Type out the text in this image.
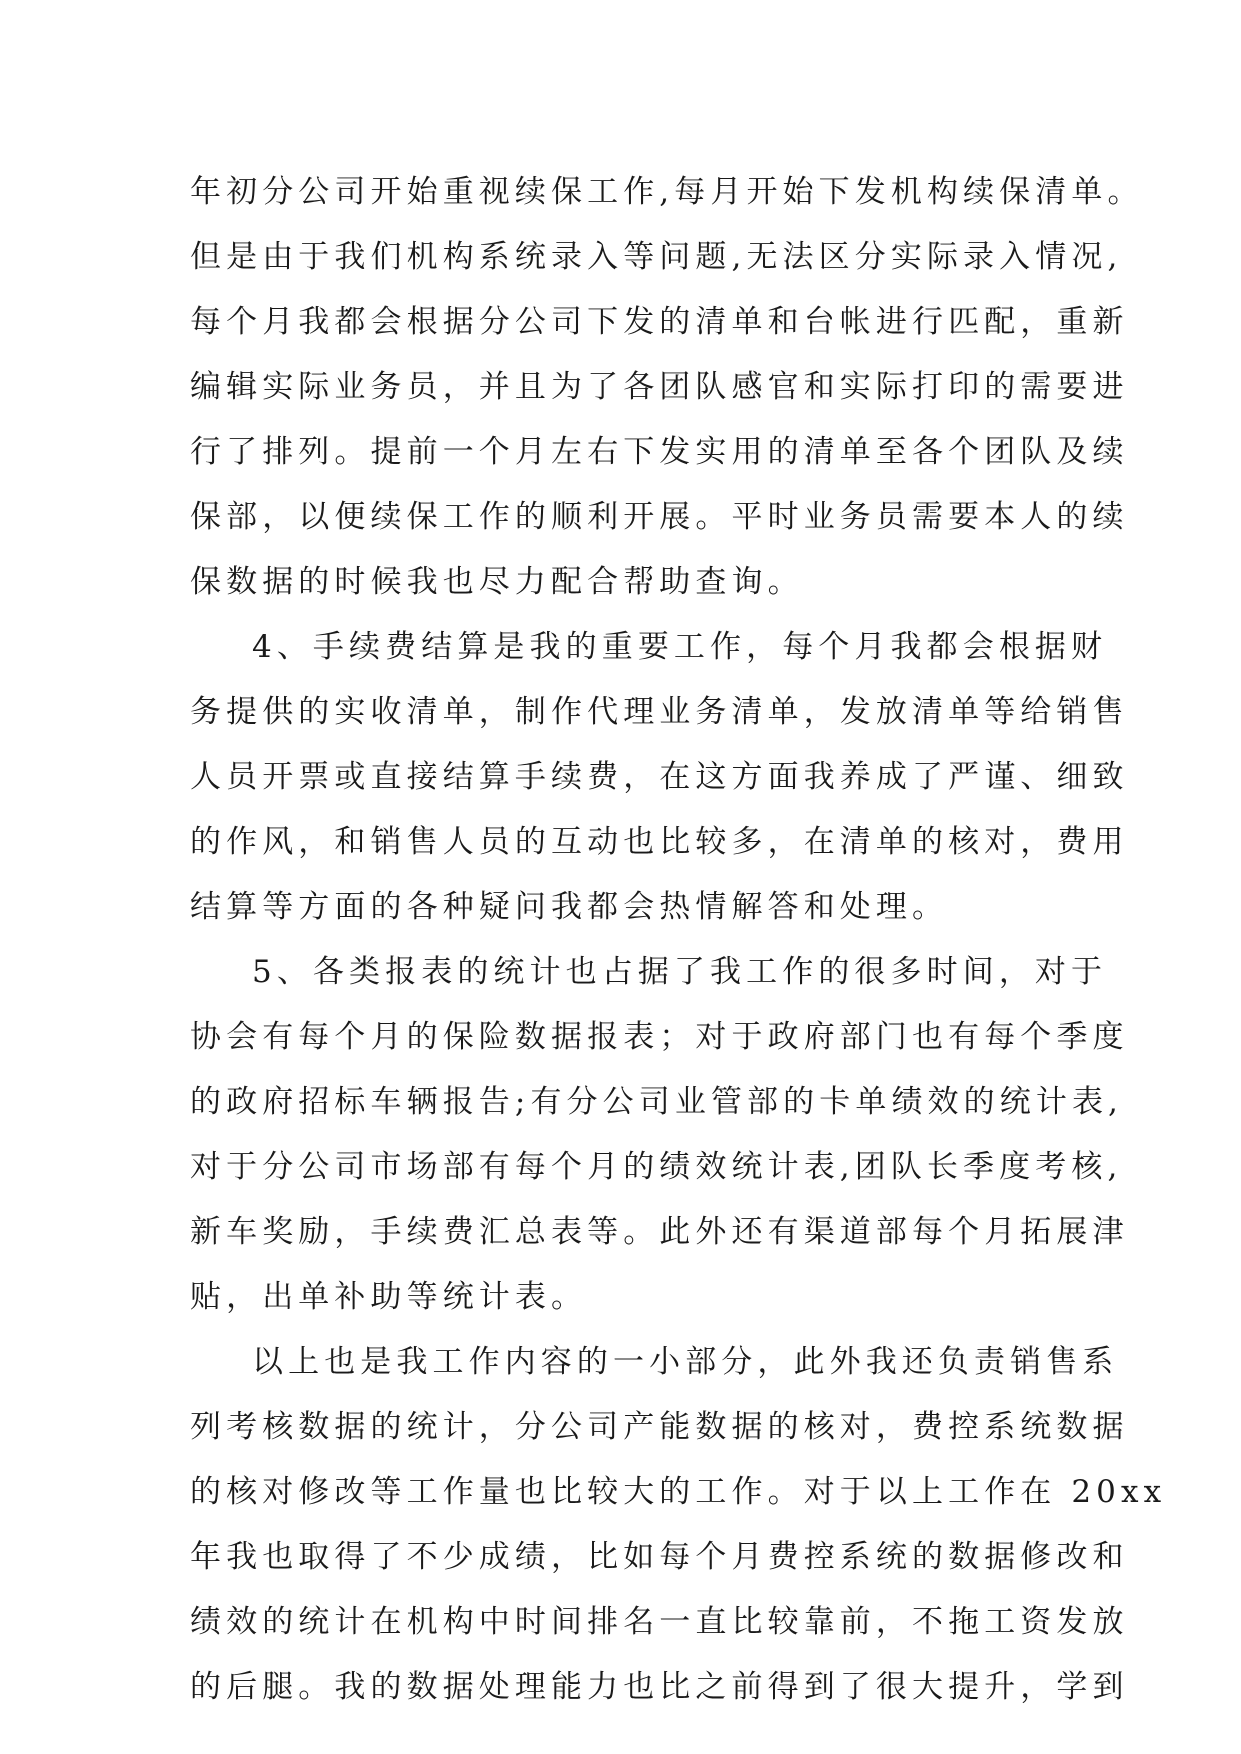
年初分公司开始重视续保工作,每月开始下发机构续保清单。
但是由于我们机构系统录入等问题,无法区分实际录入情况,
每个月我都会根据分公司下发的清单和台帐进行匹配，重新
编辑实际业务员，并且为了各团队感官和实际打印的需要进
行了排列。提前一个月左右下发实用的清单至各个团队及续
保部，以便续保工作的顺利开展。平时业务员需要本人的续
保数据的时候我也尽力配合帮助查询。
4、手续费结算是我的重要工作，每个月我都会根据财
务提供的实收清单，制作代理业务清单，发放清单等给销售
人员开票或直接结算手续费，在这方面我养成了严谨、细致
的作风，和销售人员的互动也比较多，在清单的核对，费用
结算等方面的各种疑问我都会热情解答和处理。
5、各类报表的统计也占据了我工作的很多时间，对于
协会有每个月的保险数据报表；对于政府部门也有每个季度
的政府招标车辆报告;有分公司业管部的卡单绩效的统计表,
对于分公司市场部有每个月的绩效统计表,团队长季度考核,
新车奖励，手续费汇总表等。此外还有渠道部每个月拓展津
贴，出单补助等统计表。
以上也是我工作内容的一小部分，此外我还负责销售系
列考核数据的统计，分公司产能数据的核对，费控系统数据
的核对修改等工作量也比较大的工作。对于以上工作在 20xx
年我也取得了不少成绩，比如每个月费控系统的数据修改和
绩效的统计在机构中时间排名一直比较靠前，不拖工资发放
的后腿。我的数据处理能力也比之前得到了很大提升，学到
